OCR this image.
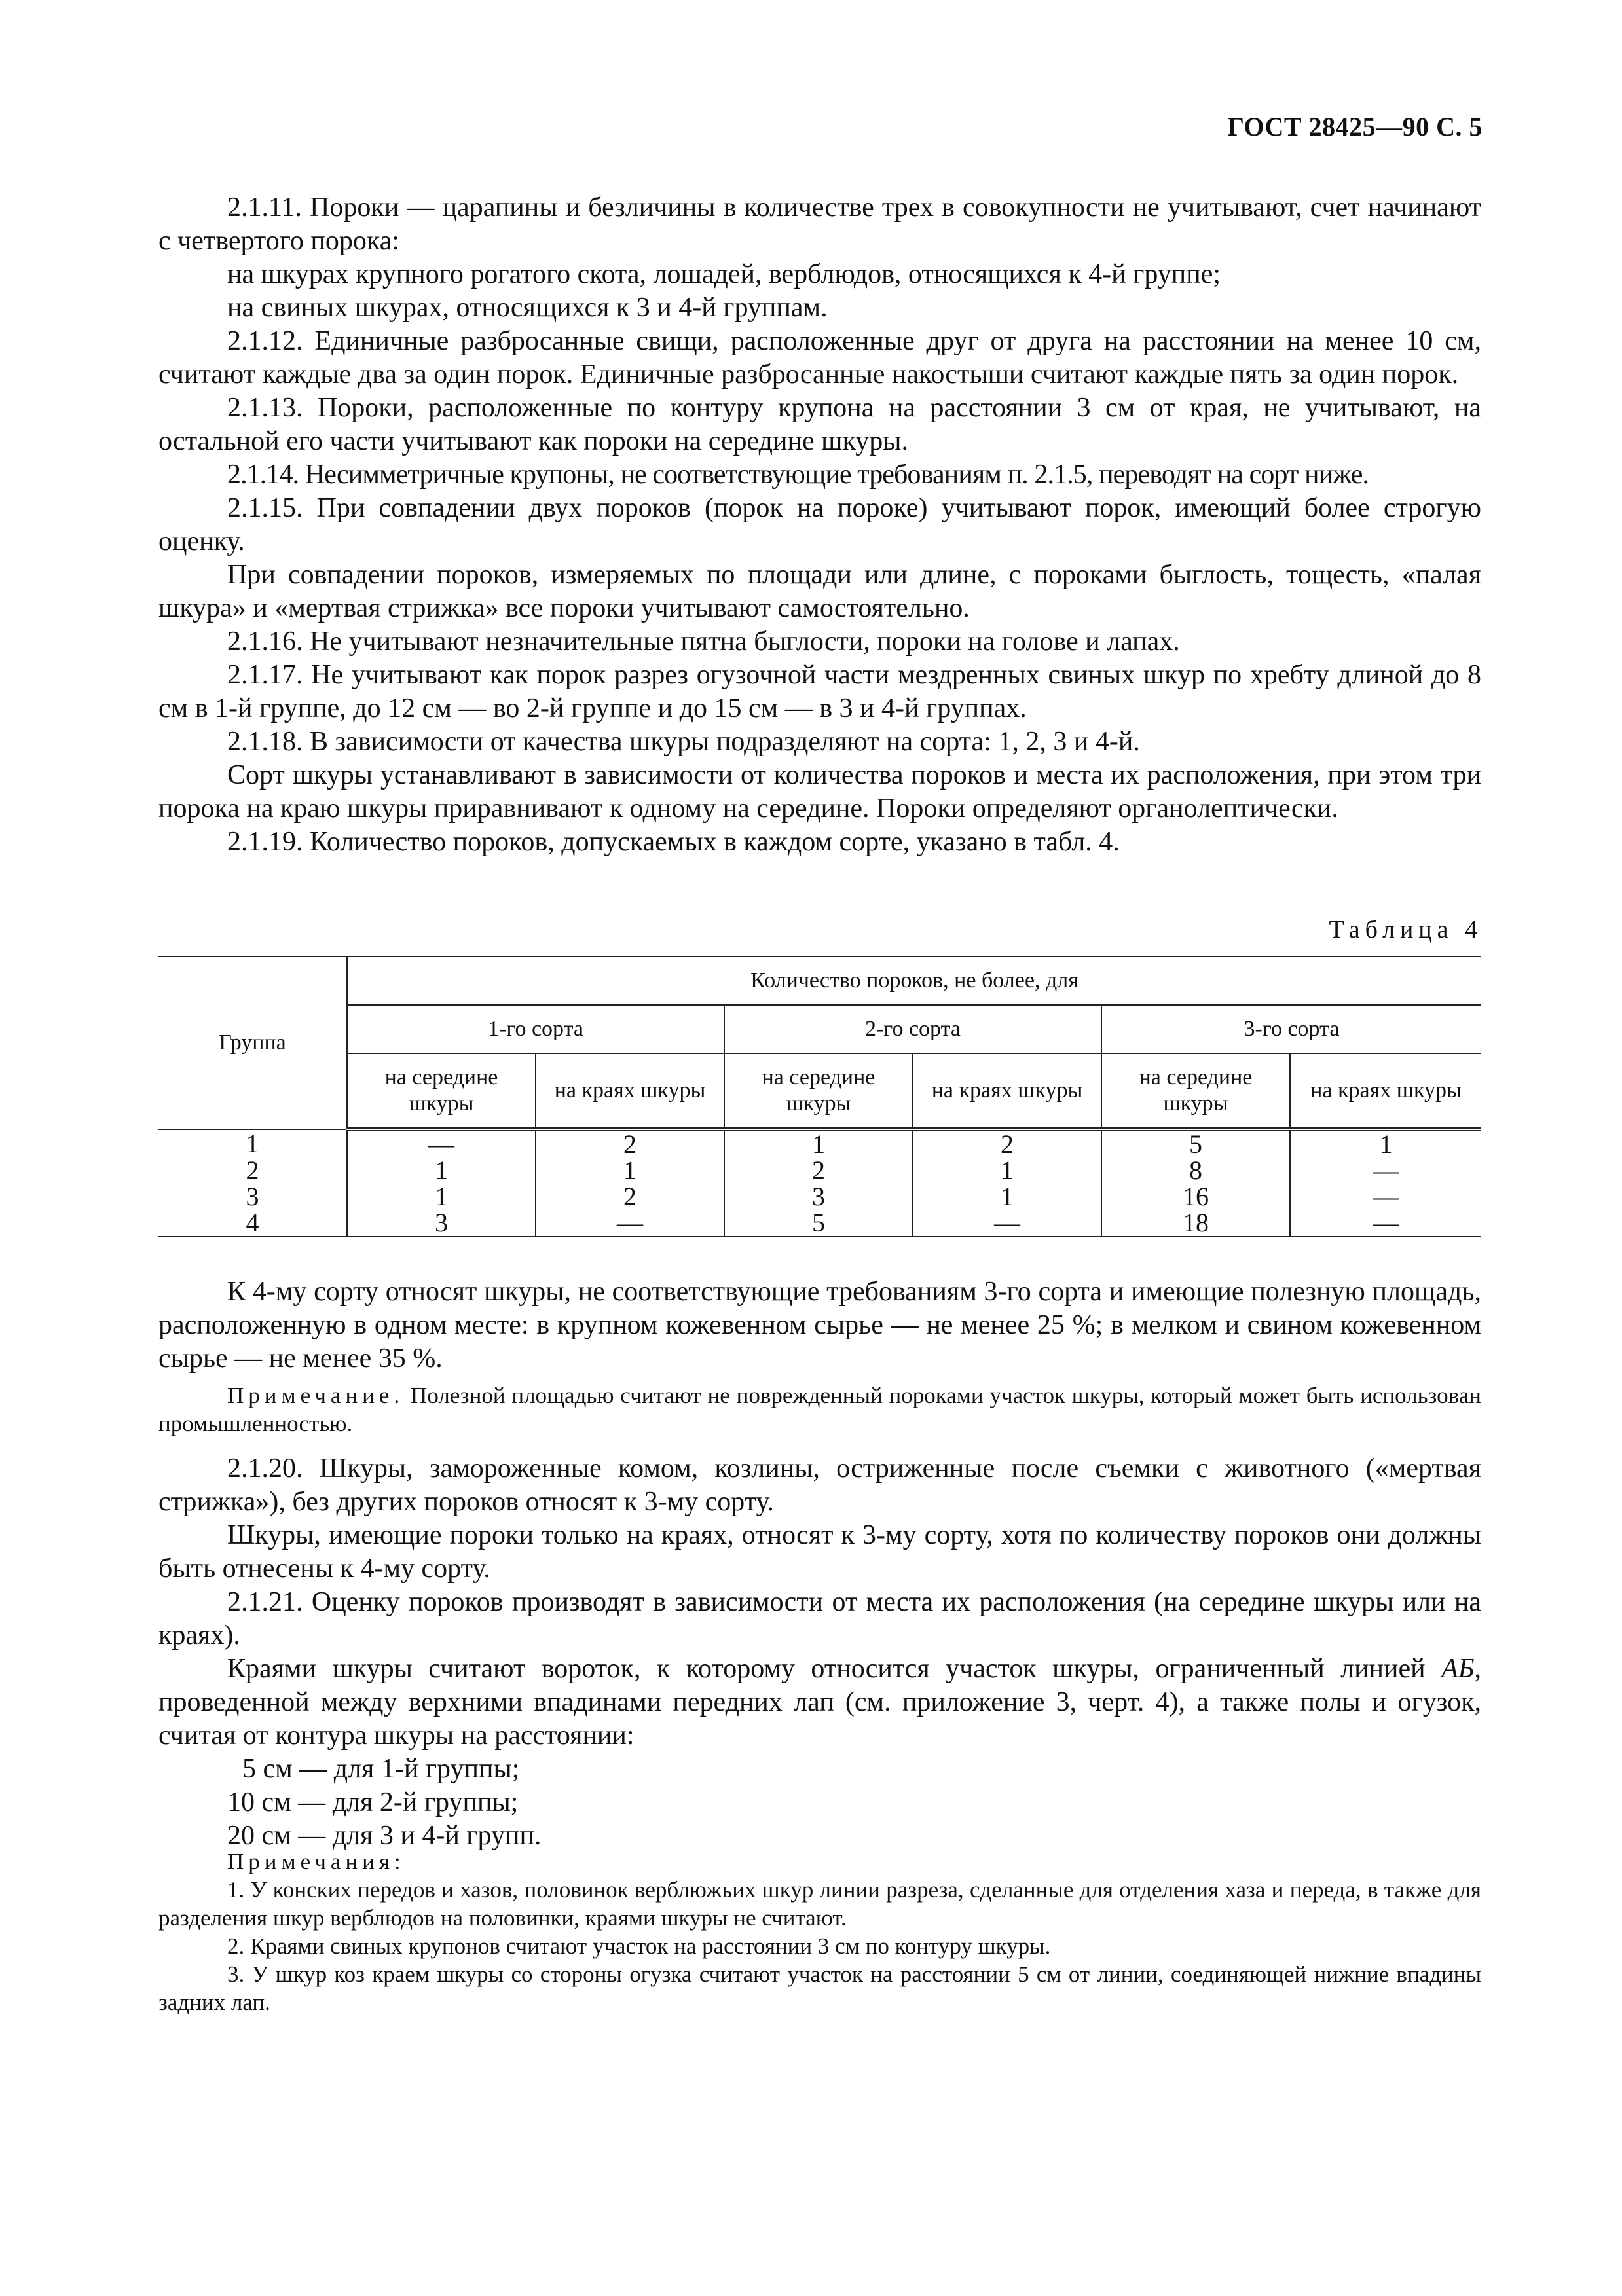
ГОСТ 28425—90 С. 5

2.1.11. Пороки — царапины и безличины в количестве трех в совокупности не учитывают, счет начинают с четвертого порока:

на шкурах крупного рогатого скота, лошадей, верблюдов, относящихся к 4-й группе;

на свиных шкурах, относящихся к 3 и 4-й группам.

2.1.12. Единичные разбросанные свищи, расположенные друг от друга на расстоянии на менее 10 см, считают каждые два за один порок. Единичные разбросанные накостыши считают каждые пять за один порок.

2.1.13. Пороки, расположенные по контуру крупона на расстоянии 3 см от края, не учитывают, на остальной его части учитывают как пороки на середине шкуры.

2.1.14. Несимметричные крупоны, не соответствующие требованиям п. 2.1.5, переводят на сорт ниже.

2.1.15. При совпадении двух пороков (порок на пороке) учитывают порок, имеющий более строгую оценку.

При совпадении пороков, измеряемых по площади или длине, с пороками быглость, тощесть, «палая шкура» и «мертвая стрижка» все пороки учитывают самостоятельно.

2.1.16. Не учитывают незначительные пятна быглости, пороки на голове и лапах.

2.1.17. Не учитывают как порок разрез огузочной части мездренных свиных шкур по хребту длиной до 8 см в 1-й группе, до 12 см — во 2-й группе и до 15 см — в 3 и 4-й группах.

2.1.18. В зависимости от качества шкуры подразделяют на сорта: 1, 2, 3 и 4-й.

Сорт шкуры устанавливают в зависимости от количества пороков и места их расположения, при этом три порока на краю шкуры приравнивают к одному на середине. Пороки определяют органолептически.

2.1.19. Количество пороков, допускаемых в каждом сорте, указано в табл. 4.

Таблица 4
Группа	Количество пороков, не более, для					
	1-го сорта		2-го сорта		3-го сорта	
	на середине шкуры	на краях шкуры	на середине шкуры	на краях шкуры	на середине шкуры	на краях шкуры
1	—	2	1	2	5	1
2	1	1	2	1	8	—
3	1	2	3	1	16	—
4	3	—	5	—	18	—

К 4-му сорту относят шкуры, не соответствующие требованиям 3-го сорта и имеющие полезную площадь, расположенную в одном месте: в крупном кожевенном сырье — не менее 25 %; в мелком и свином кожевенном сырье — не менее 35 %.

Примечание. Полезной площадью считают не поврежденный пороками участок шкуры, который может быть использован промышленностью.

2.1.20. Шкуры, замороженные комом, козлины, остриженные после съемки с животного («мертвая стрижка»), без других пороков относят к 3-му сорту.

Шкуры, имеющие пороки только на краях, относят к 3-му сорту, хотя по количеству пороков они должны быть отнесены к 4-му сорту.

2.1.21. Оценку пороков производят в зависимости от места их расположения (на середине шкуры или на краях).

Краями шкуры считают вороток, к которому относится участок шкуры, ограниченный линией АБ, проведенной между верхними впадинами передних лап (см. приложение 3, черт. 4), а также полы и огузок, считая от контура шкуры на расстоянии:

5 см — для 1-й группы;

10 см — для 2-й группы;

20 см — для 3 и 4-й групп.

Примечания:

1. У конских передов и хазов, половинок верблюжьих шкур линии разреза, сделанные для отделения хаза и переда, в также для разделения шкур верблюдов на половинки, краями шкуры не считают.

2. Краями свиных крупонов считают участок на расстоянии 3 см по контуру шкуры.

3. У шкур коз краем шкуры со стороны огузка считают участок на расстоянии 5 см от линии, соединяющей нижние впадины задних лап.
